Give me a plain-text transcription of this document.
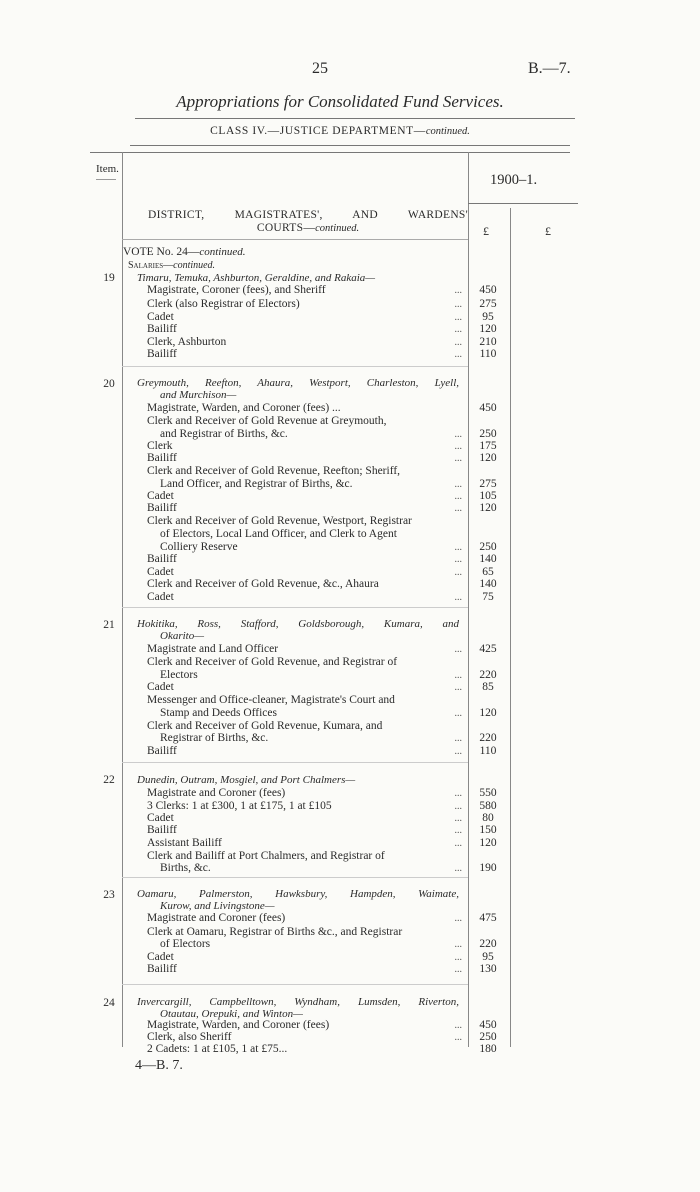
25	B.—7.
Appropriations for Consolidated Fund Services.
CLASS IV.—JUSTICE DEPARTMENT—continued.
Item.
1900–1.
DISTRICT, MAGISTRATES', AND WARDENS'
COURTS—continued.	£	£
VOTE No. 24—continued.
Salaries—continued.
19	Timaru, Temuka, Ashburton, Geraldine, and Rakaia—
Magistrate, Coroner (fees), and Sheriff	...	450
Clerk (also Registrar of Electors)	...	275
Cadet	...	95
Bailiff	...	120
Clerk, Ashburton	...	210
Bailiff	...	110
20	Greymouth, Reefton, Ahaura, Westport, Charleston, Lyell,
and Murchison—
Magistrate, Warden, and Coroner (fees) ...	450
Clerk and Receiver of Gold Revenue at Greymouth,
and Registrar of Births, &c.	...	250
Clerk	...	175
Bailiff	...	120
Clerk and Receiver of Gold Revenue, Reefton; Sheriff,
Land Officer, and Registrar of Births, &c.	...	275
Cadet	...	105
Bailiff	...	120
Clerk and Receiver of Gold Revenue, Westport, Registrar
of Electors, Local Land Officer, and Clerk to Agent
Colliery Reserve	...	250
Bailiff	...	140
Cadet	...	65
Clerk and Receiver of Gold Revenue, &c., Ahaura	140
Cadet	...	75
21	Hokitika, Ross, Stafford, Goldsborough, Kumara, and
Okarito—
Magistrate and Land Officer	...	425
Clerk and Receiver of Gold Revenue, and Registrar of
Electors	...	220
Cadet	...	85
Messenger and Office-cleaner, Magistrate's Court and
Stamp and Deeds Offices	...	120
Clerk and Receiver of Gold Revenue, Kumara, and
Registrar of Births, &c.	...	220
Bailiff	...	110
22	Dunedin, Outram, Mosgiel, and Port Chalmers—
Magistrate and Coroner (fees)	...	550
3 Clerks: 1 at £300, 1 at £175, 1 at £105	...	580
Cadet	...	80
Bailiff	...	150
Assistant Bailiff	...	120
Clerk and Bailiff at Port Chalmers, and Registrar of
Births, &c.	...	190
23	Oamaru, Palmerston, Hawksbury, Hampden, Waimate,
Kurow, and Livingstone—
Magistrate and Coroner (fees)	...	475
Clerk at Oamaru, Registrar of Births &c., and Registrar
of Electors	...	220
Cadet	...	95
Bailiff	...	130
24	Invercargill, Campbelltown, Wyndham, Lumsden, Riverton,
Otautau, Orepuki, and Winton—
Magistrate, Warden, and Coroner (fees)	...	450
Clerk, also Sheriff	...	250
2 Cadets: 1 at £105, 1 at £75...	180
4—B. 7.
